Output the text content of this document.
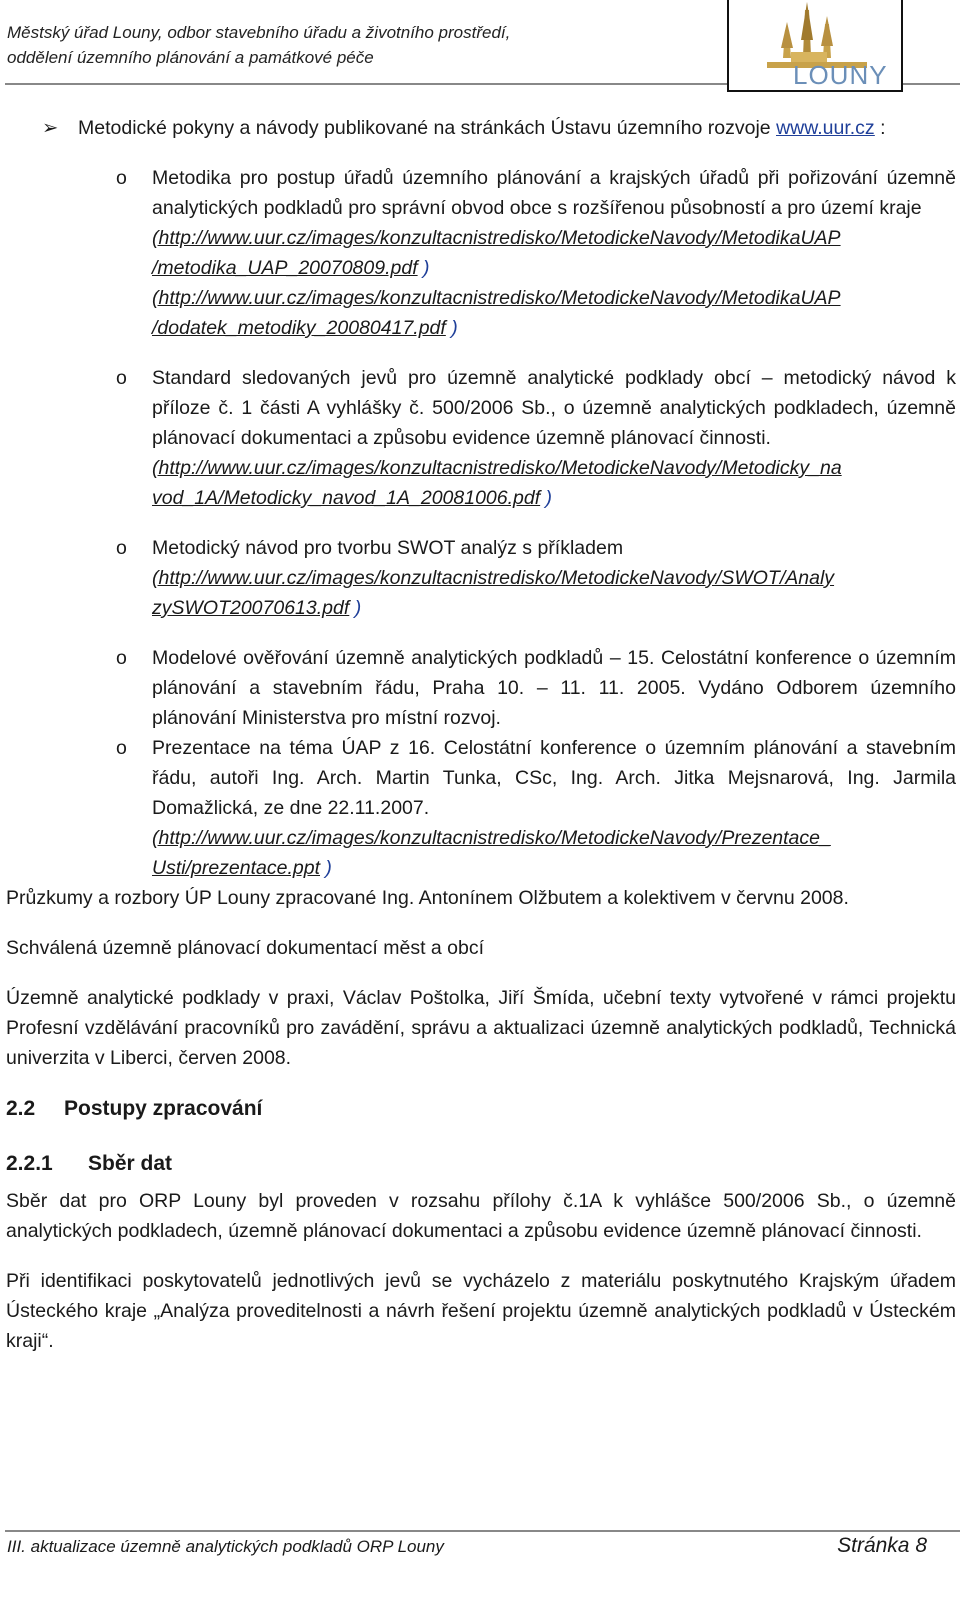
Městský úřad Louny, odbor stavebního úřadu a životního prostředí,
oddělení územního plánování a památkové péče
LOUNY
➢ Metodické pokyny a návody publikované na stránkách Ústavu územního rozvoje www.uur.cz :
o Metodika pro postup úřadů územního plánování a krajských úřadů při pořizování územně analytických podkladů pro správní obvod obce s rozšířenou působností a pro území kraje
(http://www.uur.cz/images/konzultacnistredisko/MetodickeNavody/MetodikaUAP
/metodika_UAP_20070809.pdf )
(http://www.uur.cz/images/konzultacnistredisko/MetodickeNavody/MetodikaUAP
/dodatek_metodiky_20080417.pdf )
o Standard sledovaných jevů pro územně analytické podklady obcí – metodický návod k příloze č. 1 části A vyhlášky č. 500/2006 Sb., o územně analytických podkladech, územně plánovací dokumentaci a způsobu evidence územně plánovací činnosti.
(http://www.uur.cz/images/konzultacnistredisko/MetodickeNavody/Metodicky_na
vod_1A/Metodicky_navod_1A_20081006.pdf )
o Metodický návod pro tvorbu SWOT analýz s příkladem
(http://www.uur.cz/images/konzultacnistredisko/MetodickeNavody/SWOT/Analy
zySWOT20070613.pdf )
o Modelové ověřování územně analytických podkladů – 15. Celostátní konference o územním plánování a stavebním řádu, Praha 10. – 11. 11. 2005. Vydáno Odborem územního plánování Ministerstva pro místní rozvoj.
o Prezentace na téma ÚAP z 16. Celostátní konference o územním plánování a stavebním řádu, autoři Ing. Arch. Martin Tunka, CSc, Ing. Arch. Jitka Mejsnarová, Ing. Jarmila Domažlická, ze dne 22.11.2007.
(http://www.uur.cz/images/konzultacnistredisko/MetodickeNavody/Prezentace_
Usti/prezentace.ppt )
Průzkumy a rozbory ÚP Louny zpracované Ing. Antonínem Olžbutem a kolektivem v červnu 2008.
Schválená územně plánovací dokumentací měst a obcí
Územně analytické podklady v praxi, Václav Poštolka, Jiří Šmída, učební texty vytvořené v rámci projektu Profesní vzdělávání pracovníků pro zavádění, správu a aktualizaci územně analytických podkladů, Technická univerzita v Liberci, červen 2008.
2.2 Postupy zpracování
2.2.1 Sběr dat
Sběr dat pro ORP Louny byl proveden v rozsahu přílohy č.1A k vyhlášce 500/2006 Sb., o územně analytických podkladech, územně plánovací dokumentaci a způsobu evidence územně plánovací činnosti.
Při identifikaci poskytovatelů jednotlivých jevů se vycházelo z materiálu poskytnutého Krajským úřadem Ústeckého kraje „Analýza proveditelnosti a návrh řešení projektu územně analytických podkladů v Ústeckém kraji“.
III. aktualizace územně analytických podkladů ORP Louny	Stránka 8
